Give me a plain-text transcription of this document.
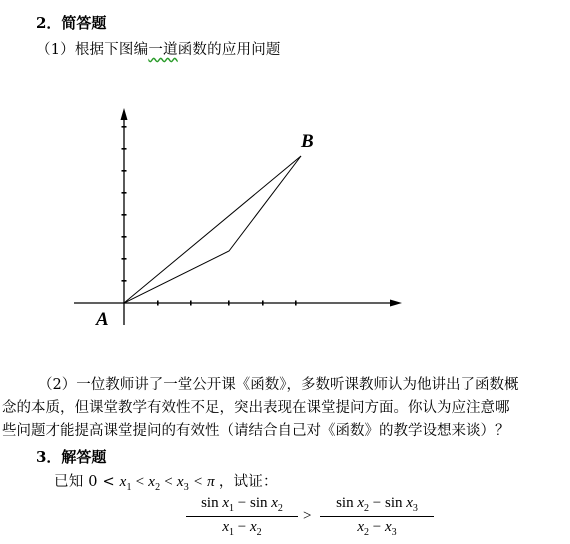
2．简答题
（1）根据下图编一道函数的应用问题
A
B
（2）一位教师讲了一堂公开课《函数》，多数听课教师认为他讲出了函数概
念的本质，但课堂教学有效性不足，突出表现在课堂提问方面。你认为应注意哪
些问题才能提高课堂提问的有效性（请结合自己对《函数》的教学设想来谈）？
3．解答题
已知 $0 < x_1 < x_2 < x_3 < \pi$ ，试证：
$\sin x_1 - \sin x_2$
$x_1 - x_2$
>
$\sin x_2 - \sin x_3$
$x_2 - x_3$
